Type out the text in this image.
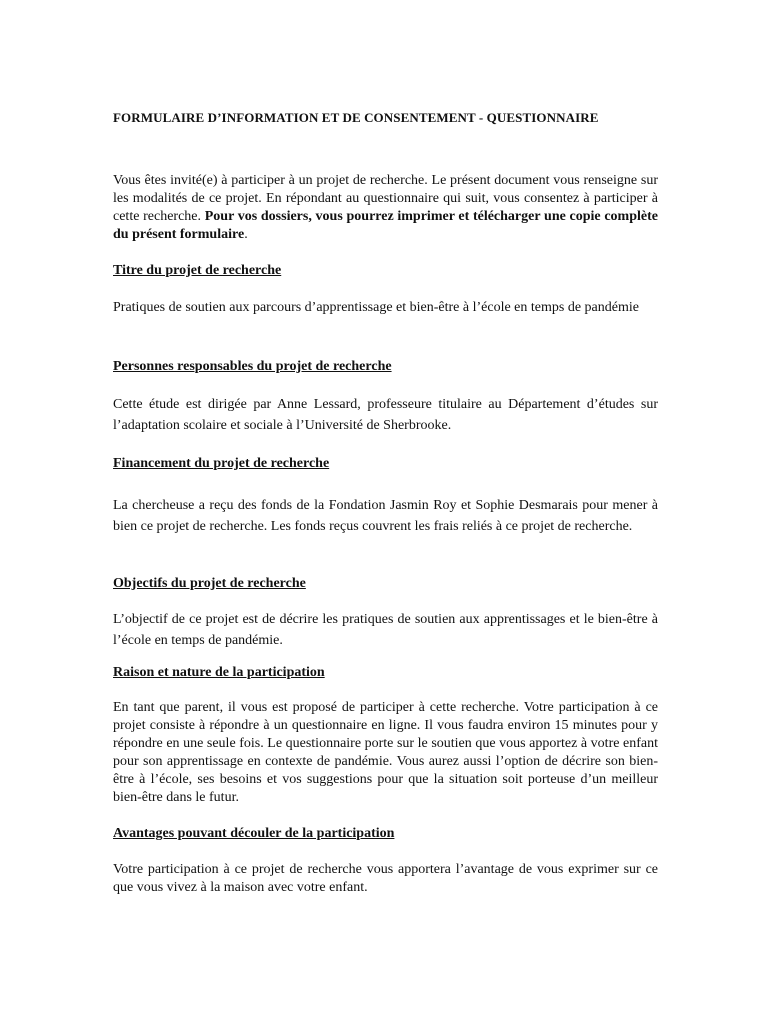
FORMULAIRE D’INFORMATION ET DE CONSENTEMENT - QUESTIONNAIRE

Vous êtes invité(e) à participer à un projet de recherche. Le présent document vous renseigne sur les modalités de ce projet. En répondant au questionnaire qui suit, vous consentez à participer à cette recherche. Pour vos dossiers, vous pourrez imprimer et télécharger une copie complète du présent formulaire.

Titre du projet de recherche

Pratiques de soutien aux parcours d’apprentissage et bien-être à l’école en temps de pandémie

Personnes responsables du projet de recherche

Cette étude est dirigée par Anne Lessard, professeure titulaire au Département d’études sur l’adaptation scolaire et sociale à l’Université de Sherbrooke.

Financement du projet de recherche

La chercheuse a reçu des fonds de la Fondation Jasmin Roy et Sophie Desmarais pour mener à bien ce projet de recherche. Les fonds reçus couvrent les frais reliés à ce projet de recherche.

Objectifs du projet de recherche

L’objectif de ce projet est de décrire les pratiques de soutien aux apprentissages et le bien-être à l’école en temps de pandémie.

Raison et nature de la participation

En tant que parent, il vous est proposé de participer à cette recherche. Votre participation à ce projet consiste à répondre à un questionnaire en ligne. Il vous faudra environ 15 minutes pour y répondre en une seule fois. Le questionnaire porte sur le soutien que vous apportez à votre enfant pour son apprentissage en contexte de pandémie. Vous aurez aussi l’option de décrire son bien-être à l’école, ses besoins et vos suggestions pour que la situation soit porteuse d’un meilleur bien-être dans le futur.

Avantages pouvant découler de la participation

Votre participation à ce projet de recherche vous apportera l’avantage de vous exprimer sur ce que vous vivez à la maison avec votre enfant.
